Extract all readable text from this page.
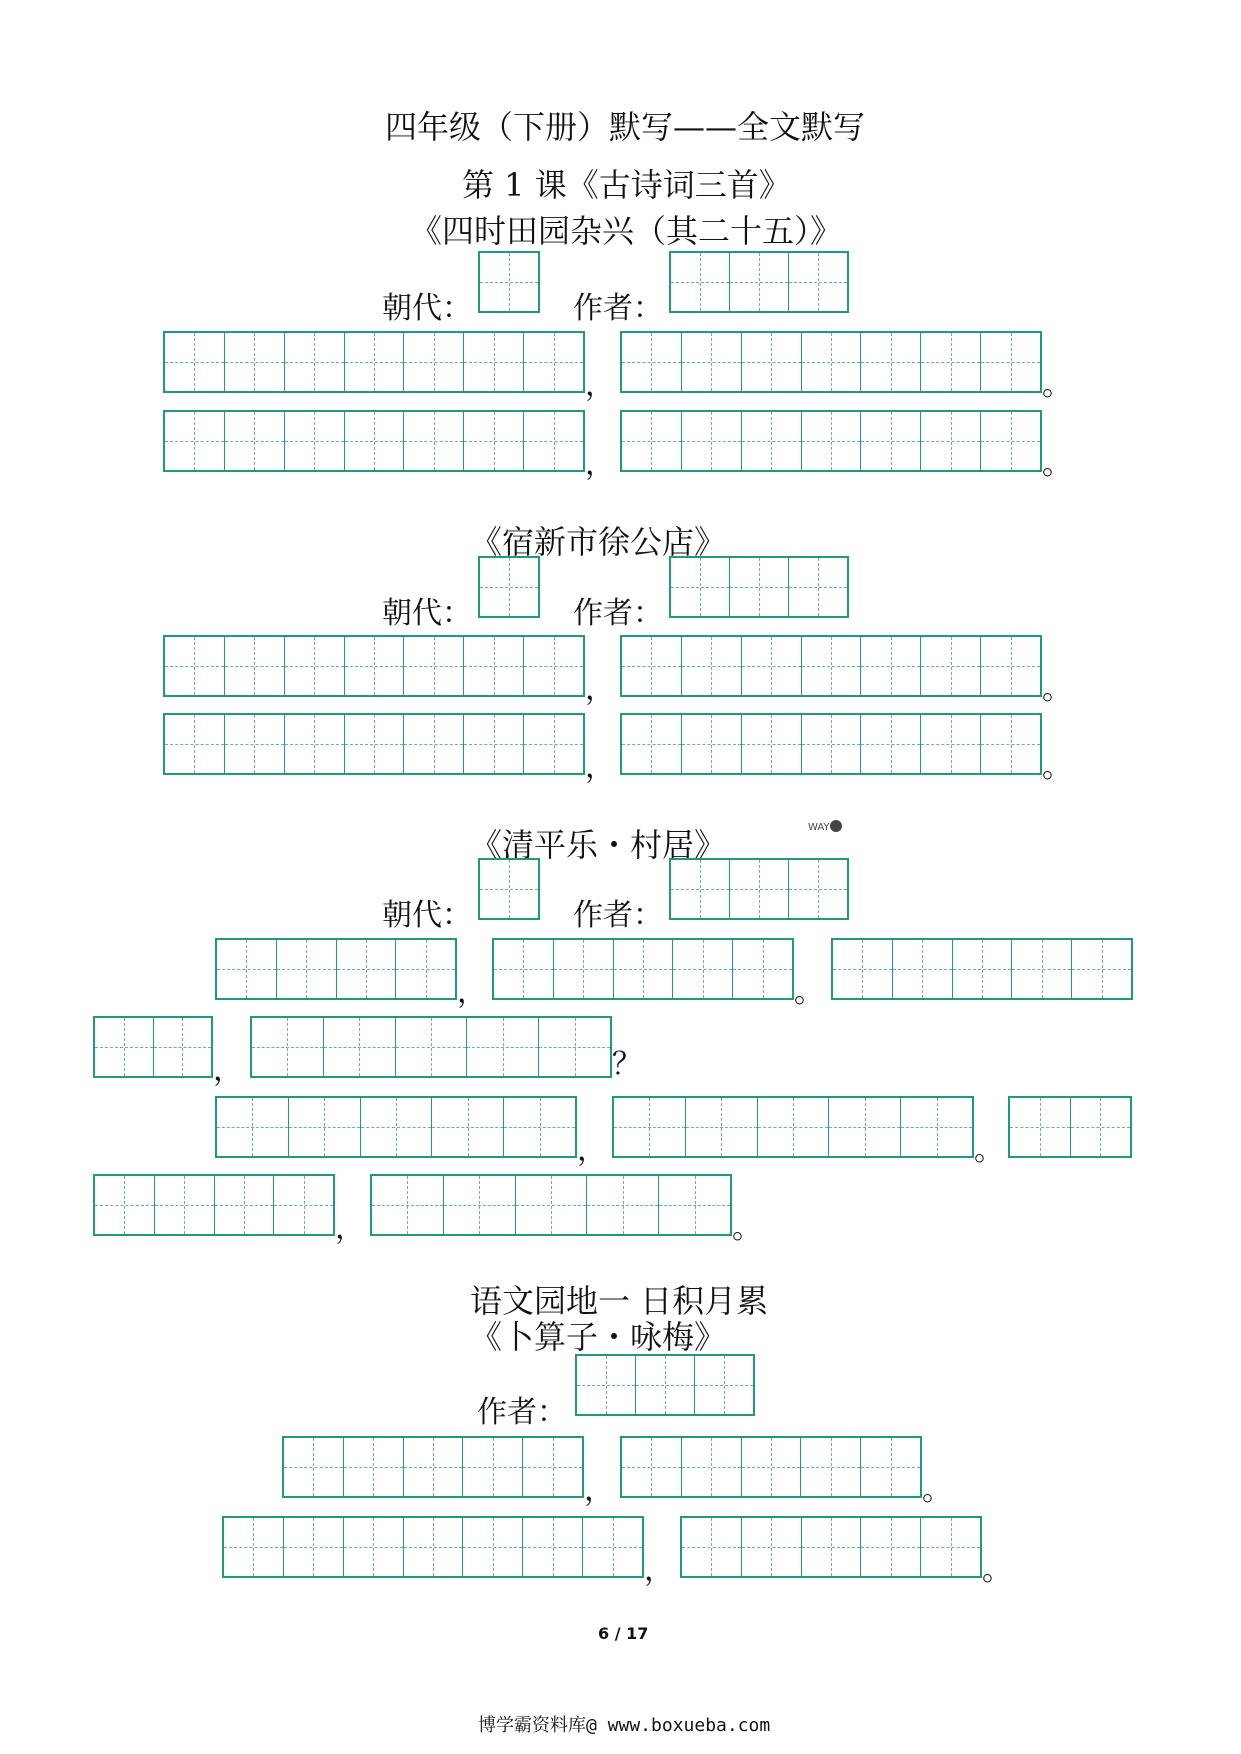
四年级（下册）默写——全文默写
第 1 课《古诗词三首》
《四时田园杂兴（其二十五）》
朝代：	作者：
，	。
，	。
《宿新市徐公店》
朝代：	作者：
，	。
，	。
《清平乐・村居》	WAY
朝代：	作者：
，	。
，	？
，	。
，	。
语文园地一 日积月累
《卜算子・咏梅》
作者：
，	。
，	。
6 / 17
博学霸资料库@ www.boxueba.com
